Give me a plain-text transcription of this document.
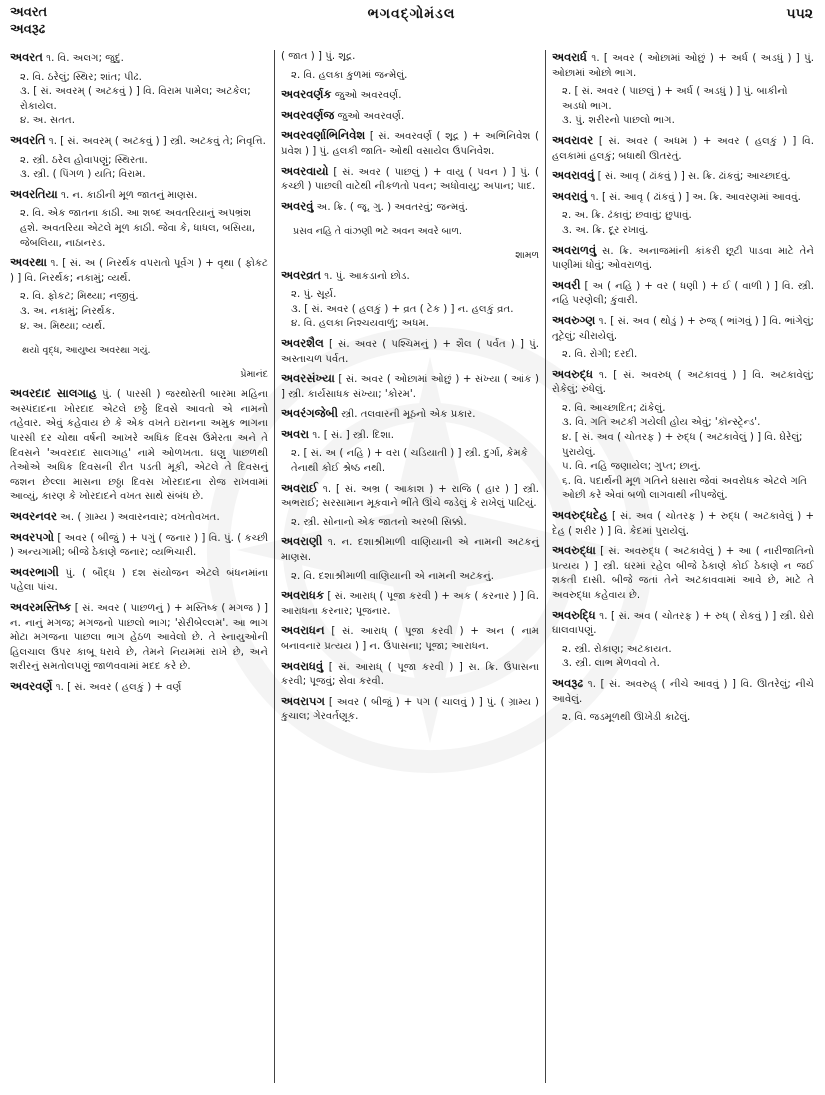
અવરત
અવરૂઢ
ભગવદ્ગોમંડલ	૫૫૨

અવરત ૧. વિ. અલગ; જુદું.

૨. વિ. ઠરેલું; સ્થિર; શાંત; પીઢ.

૩. [ સં. અવરમ્ ( અટકવું ) ] વિ. વિરામ પામેલ; અટકેલ; રોકાયેલ.

૪. અ. સતત.

અવરતિ ૧. [ સં. અવરમ્ ( અટકવું ) ] સ્ત્રી. અટકવું તે; નિવૃત્તિ.

૨. સ્ત્રી. ઠરેલ હોવાપણું; સ્થિરતા.

૩. સ્ત્રી. ( પિંગળ ) યતિ; વિરામ.

અવરતિયા ૧. ન. કાઠીની મૂળ જાતનું માણસ.

૨. વિ. એક જાતના કાઠી. આ શબ્દ અવતરિયાનું અપભ્રંશ હશે. અવતરિયા એટલે મૂળ કાઠી. જેવા કે, ધાધલ, બસિયા, જેબલિયા, નાઠાનરડ.

અવરથા ૧. [ સં. અ ( નિરર્થક વપરાતો પૂર્વગ ) + વૃથા ( ફોકટ ) ] વિ. નિરર્થક; નકામું; વ્યર્થ.

૨. વિ. ફોકટ; મિથ્યા; નજીવું.

૩. અ. નકામું; નિરર્થક.

૪. અ. મિથ્યા; વ્યર્થ.

થયો વૃદ્ધ, આયુષ્ય અવરથા ગયું.

પ્રેમાનંદ

અવરદાદ સાલગાહ પું. ( પારસી ) જરથોસ્તી બારમા મહિના અસ્પંદાદના ખોરદાદ એટલે છઠ્ઠે દિવસે આવતો એ નામનો તહેવાર. એવું કહેવાય છે કે એક વખતે ઇરાનના અમુક ભાગના પારસી દર ચોથા વર્ષની આખરે અધિક દિવસ ઉમેરતા અને તે દિવસને 'અવરદાદ સાલગાહ' નામે ઓળખતા. ઘણુ પાછળથી તેઓએ અધિક દિવસની રીત પડતી મૂકી, એટલે તે દિવસનું જશન છેલ્લા માસના છઠ્ઠા દિવસ ખોરદાદના રોજ રાખવામાં આવ્યું, કારણ કે ખોરદાદને વખત સાથે સંબંધ છે.

અવરનવર અ. ( ગ્રામ્ય ) અવારનવાર; વખતોવખત.

અવરપગો [ અવર ( બીજું ) + પગું ( જનાર ) ] વિ. પું. ( કચ્છી ) અન્યગામી; બીજે ઠેકાણે જનાર; વ્યભિચારી.

અવરભાગી પું. ( બૌદ્ધ ) દશ સંયોજન એટલે બંધનમાંના પહેલા પાંચ.

અવરમસ્તિષ્ક [ સં. અવર ( પાછળનું ) + મસ્તિષ્ક ( મગજ ) ] ન. નાનું મગજ; મગજનો પાછલો ભાગ; 'સેરીબેલ્લમ'. આ ભાગ મોટા મગજના પાછલા ભાગ હેઠળ આવેલો છે. તે સ્નાયુઓની હિલચાલ ઉપર કાબૂ ધરાવે છે, તેમને નિયમમાં રાખે છે, અને શરીરનું સમતોલપણું જાળવવામાં મદદ કરે છે.

અવરવર્ણે ૧. [ સં. અવર ( હલકું ) + વર્ણ

( જાત ) ] પું. શૂદ્ર.

૨. વિ. હલકા કુળમાં જન્મેલું.

અવરવર્ણક જુઓ અવરવર્ણ.

અવરવર્ણજ જુઓ અવરવર્ણ.

અવરવર્ણાભિનિવેશ [ સં. અવરવર્ણ ( શૂદ્ર ) + અભિનિવેશ ( પ્રવેશ ) ] પું. હલકી જાતિ- ઓથી વસાયેલ ઉપનિવેશ.

અવરવાયો [ સં. અવર ( પાછલું ) + વાયુ ( પવન ) ] પું. ( કચ્છી ) પાછલી વાટેથી નીકળતો પવન; અધોવાયુ; અપાન; પાદ.

અવરવું અ. ક્રિ. ( જૂ. ગુ. ) અવતરવું; જન્મવું.

પ્રસવ નહિ તે વાંઝણી ભટે અવન અવરે બાળ.

શામળ

અવરવ્રત ૧. પું. આકડાનો છોડ.

૨. પું. સૂર્ય.

૩. [ સં. અવર ( હલકું ) + વ્રત ( ટેક ) ] ન. હલકું વ્રત.

૪. વિ. હલકા નિશ્ચયવાળું; અધમ.

અવરશૈલ [ સં. અવર ( પશ્ચિમનું ) + શૈલ ( પર્વત ) ] પું. અસ્તાચળ પર્વત.

અવરસંખ્યા [ સં. અવર ( ઓછામાં ઓછું ) + સંખ્યા ( આંક ) ] સ્ત્રી. કાર્યસાધક સંખ્યા; 'કોરમ'.

અવરંગજેબી સ્ત્રી. તલવારની મૂઠનો એક પ્રકાર.

અવરા ૧. [ સં. ] સ્ત્રી. દિશા.

૨. [ સં. અ ( નહિ ) + વરા ( ચડિયાતી ) ] સ્ત્રી. દુર્ગા, કેમકે તેનાથી કોઈ શ્રેષ્ઠ નથી.

અવરાઈ ૧. [ સં. અભ્ર ( આકાશ ) + રાજિ ( હાર ) ] સ્ત્રી. અભરાઈ; સરસામાન મૂકવાને ભીંતે ઊંચે જડેલું કે રાખેલું પાટિયું.

૨. સ્ત્રી. સોનાનો એક જાતનો અરબી સિક્કો.

અવરાણી ૧. ન. દશાશ્રીમાળી વાણિયાની એ નામની અટકનું માણસ.

૨. વિ. દશાશ્રીમાળી વાણિયાની એ નામની અટકનું.

અવરાધક [ સં. આરાધ્ ( પૂજા કરવી ) + અક ( કરનાર ) ] વિ. આરાધના કરનાર; પૂજનાર.

અવરાધન [ સં. આરાધ્ ( પૂજા કરવી ) + અન ( નામ બનાવનાર પ્રત્યય ) ] ન. ઉપાસના; પૂજા; આરાધન.

અવરાધવું [ સં. આરાધ્ ( પૂજા કરવી ) ] સ. ક્રિ. ઉપાસના કરવી; પૂજવું; સેવા કરવી.

અવરાપગ [ અવર ( બીજું ) + પગ ( ચાલવું ) ] પું. ( ગ્રામ્ય ) કુચાલ; ગેરવર્તણૂક.

અવરાર્ધ ૧. [ અવર ( ઓછામાં ઓછું ) + અર્ધ ( અડધું ) ] પું. ઓછામાં ઓછો ભાગ.

૨. [ સં. અવર ( પાછલું ) + અર્ધ ( અડધું ) ] પું. બાકીનો અડધો ભાગ.

૩. પું. શરીરનો પાછલો ભાગ.

અવરાવર [ સં. અવર ( અધમ ) + અવર ( હલકું ) ] વિ. હલકામાં હલકું; બધાથી ઊતરતું.

અવરાવવું [ સં. આવૃ ( ઢાંકવું ) ] સ. ક્રિ. ઢાંકવું; આચ્છાદવું.

અવરાવું ૧. [ સં. આવૃ ( ઢાંકવું ) ] અ. ક્રિ. આવરણમાં આવવું.

૨. અ. ક્રિ. ઢંકાવું; છવાવું; છુપાવું.

૩. અ. ક્રિ. દૂર રખાવું.

અવરાળવું સ. ક્રિ. અનાજમાંની કાંકરી છૂટી પાડવા માટે તેને પાણીમાં ધોવું; ઓવરાળવું.

અવરી [ અ ( નહિ ) + વર ( ધણી ) + ઈ ( વાળી ) ] વિ. સ્ત્રી. નહિ પરણેલી; કુંવારી.

અવરુગ્ણ ૧. [ સં. અવ ( થોડું ) + રુજ્ ( ભાંગવું ) ] વિ. ભાંગેલું; તૂટેલું; ચીરાયેલું.

૨. વિ. રોગી; દરદી.

અવરુદ્ધ ૧. [ સં. અવરુધ્ ( અટકાવવું ) ] વિ. અટકાવેલું; રોકેલું; રુંધેલું.

૨. વિ. આચ્છાદિત; ઢાંકેલું.

૩. વિ. ગતિ અટકી ગયેલી હોય એવું; 'કૉન્સ્ટ્રેન્ડ'.

૪. [ સં. અવ ( ચોતરફ ) + રુદ્ધ ( અટકાવેલું ) ] વિ. ઘેરેલું; પુરાયેલું.

૫. વિ. નહિ જણાયેલ; ગુપ્ત; છાનું.

૬. વિ. પદાર્થની મૂળ ગતિને ઘસારા જેવાં અવરોધક એટલે ગતિ ઓછી કરે એવાં બળો લાગવાથી નીપજેલું.

અવરુદ્ધદેહ [ સં. અવ ( ચોતરફ ) + રુદ્ધ ( અટકાવેલું ) + દેહ ( શરીર ) ] વિ. કેદમાં પુરાયેલું.

અવરુદ્ધા [ સં. અવરુદ્ધ ( અટકાવેલું ) + આ ( નારીજાતિનો પ્રત્યય ) ] સ્ત્રી. ઘરમાં રહેલ બીજે ઠેકાણે કોઈ ઠેકાણે ન જઈ શકતી દાસી. બીજે જતાં તેને અટકાવવામાં આવે છે, માટે તે અવરુદ્ધા કહેવાય છે.

અવરુદ્ધિ ૧. [ સં. અવ ( ચોતરફ ) + રુધ્ ( રોકવું ) ] સ્ત્રી. ઘેરો ઘાલવાપણું.

૨. સ્ત્રી. રોકાણ; અટકાયત.

૩. સ્ત્રી. લાભ મેળવવો તે.

અવરૂઢ ૧. [ સં. અવરુહ્ ( નીચે આવવું ) ] વિ. ઊતરેલું; નીચે આવેલું.

૨. વિ. જડમૂળથી ઊખેડી કાઢેલું.
